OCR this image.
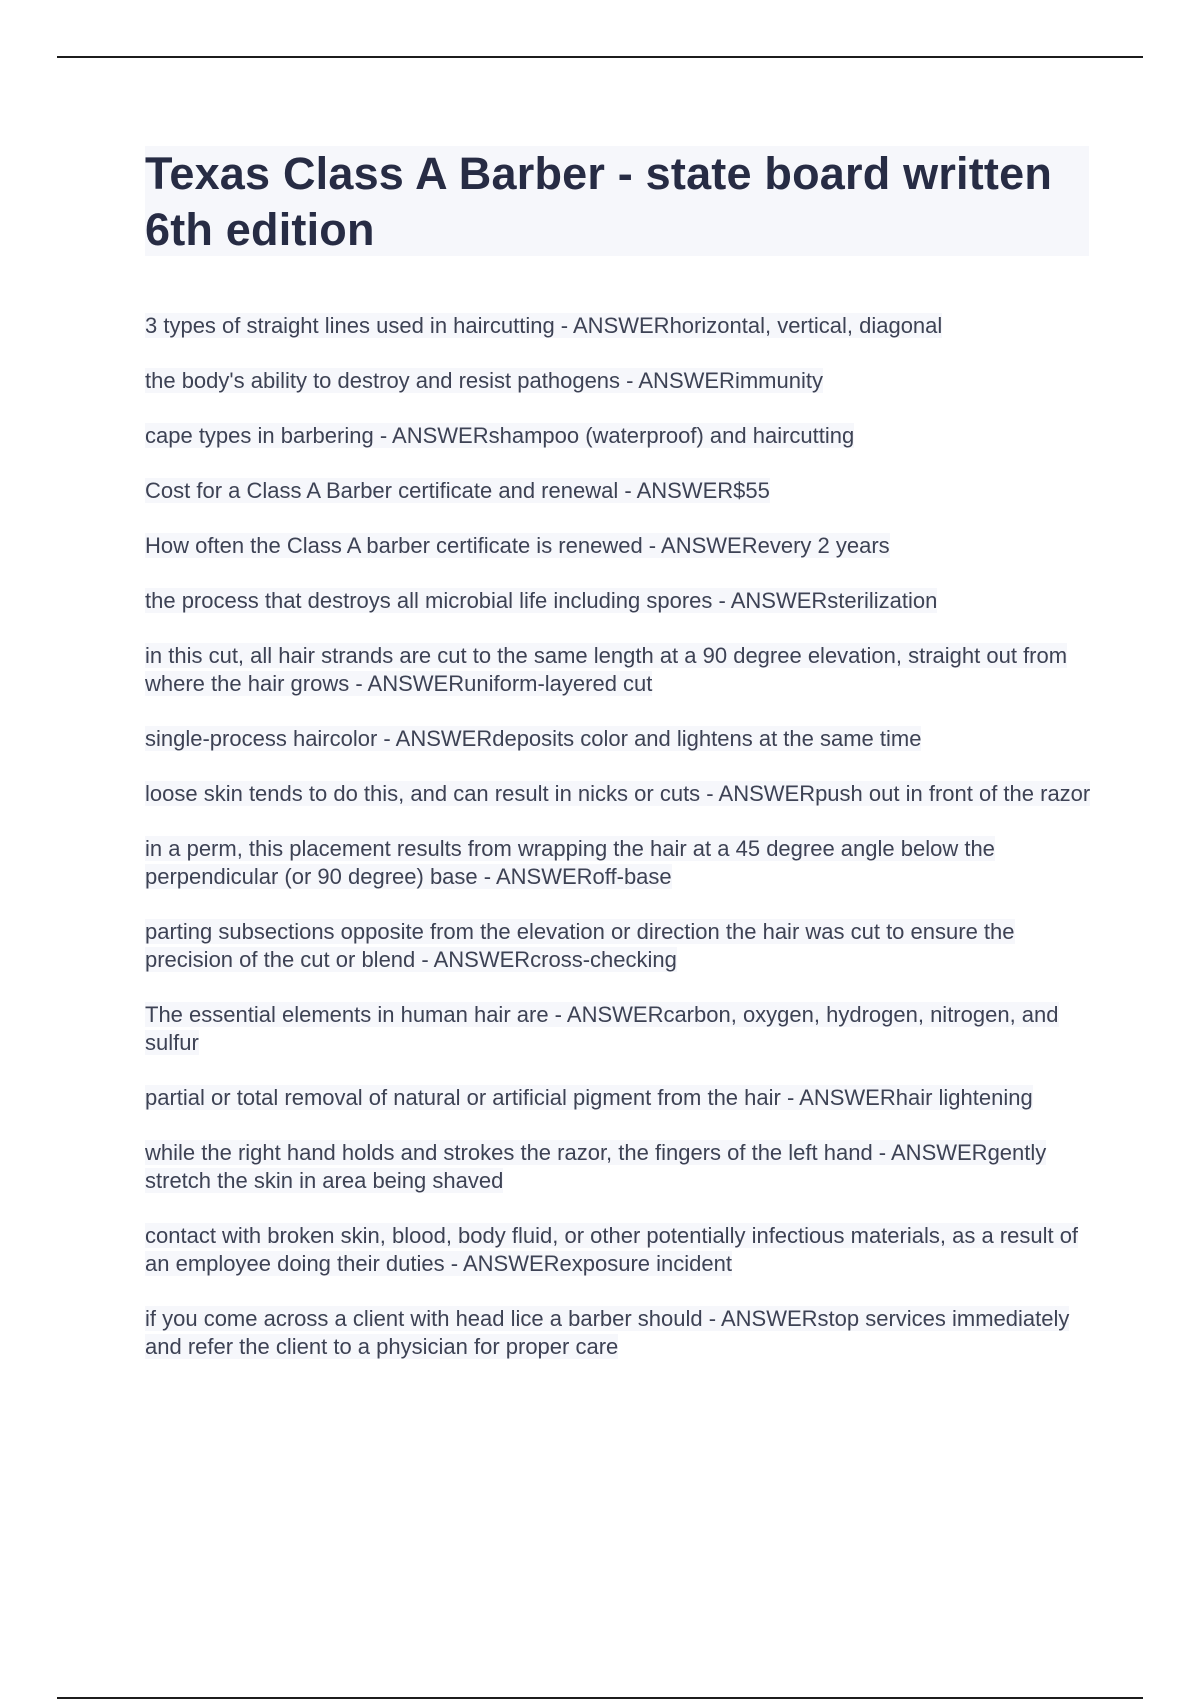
Texas Class A Barber - state board written 6th edition
3 types of straight lines used in haircutting - ANSWERhorizontal, vertical, diagonal
the body's ability to destroy and resist pathogens - ANSWERimmunity
cape types in barbering - ANSWERshampoo (waterproof) and haircutting
Cost for a Class A Barber certificate and renewal - ANSWER$55
How often the Class A barber certificate is renewed - ANSWERevery 2 years
the process that destroys all microbial life including spores - ANSWERsterilization
in this cut, all hair strands are cut to the same length at a 90 degree elevation, straight out from where the hair grows - ANSWERuniform-layered cut
single-process haircolor - ANSWERdeposits color and lightens at the same time
loose skin tends to do this, and can result in nicks or cuts - ANSWERpush out in front of the razor
in a perm, this placement results from wrapping the hair at a 45 degree angle below the perpendicular (or 90 degree) base - ANSWERoff-base
parting subsections opposite from the elevation or direction the hair was cut to ensure the precision of the cut or blend - ANSWERcross-checking
The essential elements in human hair are - ANSWERcarbon, oxygen, hydrogen, nitrogen, and sulfur
partial or total removal of natural or artificial pigment from the hair - ANSWERhair lightening
while the right hand holds and strokes the razor, the fingers of the left hand - ANSWERgently stretch the skin in area being shaved
contact with broken skin, blood, body fluid, or other potentially infectious materials, as a result of an employee doing their duties - ANSWERexposure incident
if you come across a client with head lice a barber should - ANSWERstop services immediately and refer the client to a physician for proper care
